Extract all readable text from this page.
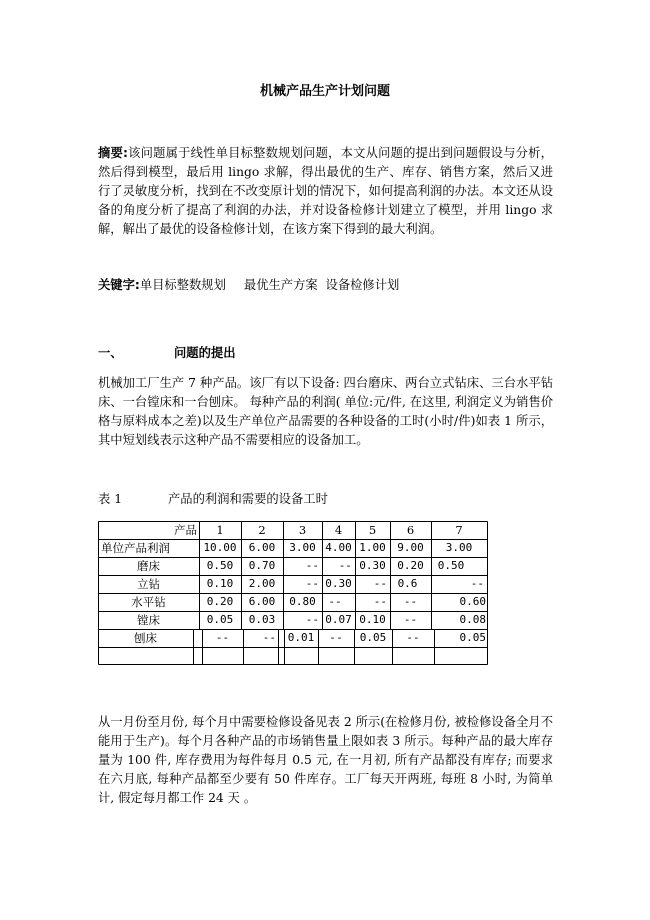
机械产品生产计划问题
摘要:该问题属于线性单目标整数规划问题，本文从问题的提出到问题假设与分析，然后得到模型，最后用 lingo 求解，得出最优的生产、库存、销售方案，然后又进行了灵敏度分析，找到在不改变原计划的情况下，如何提高利润的办法。本文还从设备的角度分析了提高了利润的办法，并对设备检修计划建立了模型，并用 lingo 求解，解出了最优的设备检修计划，在该方案下得到的最大利润。
关键字:单目标整数规划 最优生产方案 设备检修计划
一、	问题的提出
机械加工厂生产 7 种产品。该厂有以下设备: 四台磨床、两台立式钻床、三台水平钻床、一台镗床和一台刨床。 每种产品的利润( 单位:元/件, 在这里, 利润定义为销售价格与原料成本之差)以及生产单位产品需要的各种设备的工时(小时/件)如表 1 所示，其中短划线表示这种产品不需要相应的设备加工。
表 1	产品的利润和需要的设备工时
产品	1	2	3	4	5	6	7
单位产品利润	10.00	6.00	3.00 4.00 1.00	9.00	3.00
磨床	0.50	0.70	--	-- 0.30	0.20	0.50
立钻	0.10	2.00	-- 0.30	-- 0.6	--
水平钻	0.20	6.00	0.80	--	--	--	0.60
镗床	0.05	0.03	-- 0.07 0.10	--	0.08
刨床	--	--	0.01	--	0.05	--	0.05
从一月份至月份, 每个月中需要检修设备见表 2 所示(在检修月份, 被检修设备全月不能用于生产)。每个月各种产品的市场销售量上限如表 3 所示。每种产品的最大库存量为 100 件, 库存费用为每件每月 0.5 元, 在一月初, 所有产品都没有库存; 而要求在六月底, 每种产品都至少要有 50 件库存。工厂每天开两班, 每班 8 小时, 为简单计, 假定每月都工作 24 天 。
